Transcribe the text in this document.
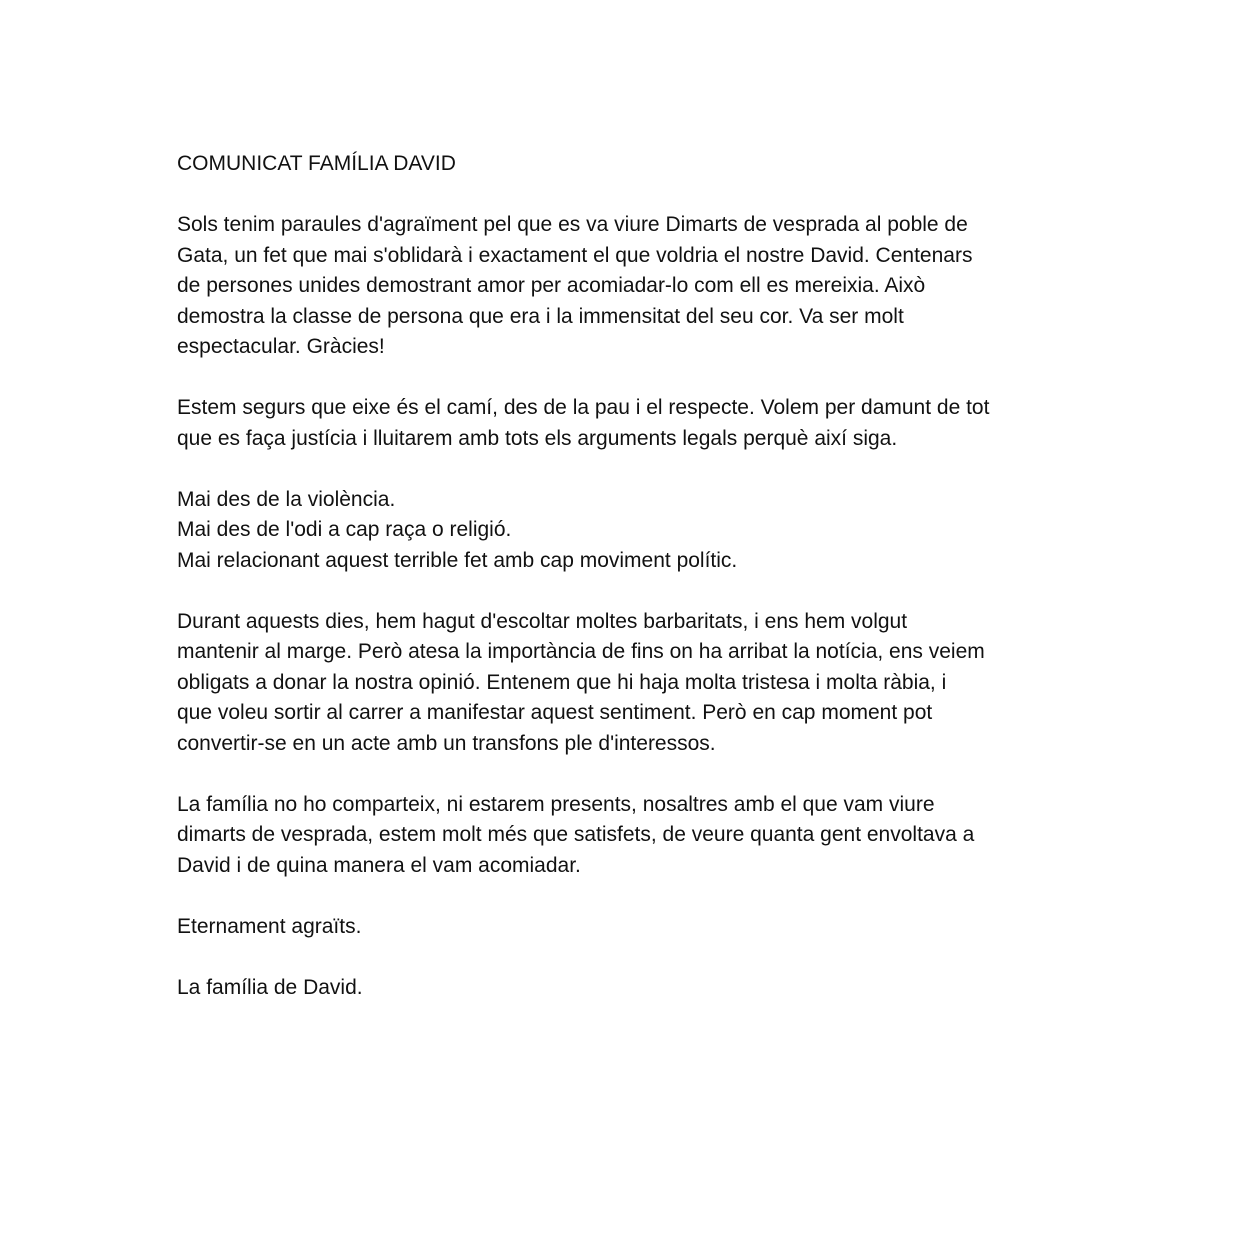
COMUNICAT FAMÍLIA DAVID
Sols tenim paraules d'agraïment pel que es va viure Dimarts de vesprada al poble de
Gata, un fet que mai s'oblidarà i exactament el que voldria el nostre David. Centenars
de persones unides demostrant amor per acomiadar-lo com ell es mereixia. Això
demostra la classe de persona que era i la immensitat del seu cor. Va ser molt
espectacular. Gràcies!
Estem segurs que eixe és el camí, des de la pau i el respecte. Volem per damunt de tot
que es faça justícia i lluitarem amb tots els arguments legals perquè així siga.
Mai des de la violència.
Mai des de l'odi a cap raça o religió.
Mai relacionant aquest terrible fet amb cap moviment polític.
Durant aquests dies, hem hagut d'escoltar moltes barbaritats, i ens hem volgut
mantenir al marge. Però atesa la importància de fins on ha arribat la notícia, ens veiem
obligats a donar la nostra opinió. Entenem que hi haja molta tristesa i molta ràbia, i
que voleu sortir al carrer a manifestar aquest sentiment. Però en cap moment pot
convertir-se en un acte amb un transfons ple d'interessos.
La família no ho comparteix, ni estarem presents, nosaltres amb el que vam viure
dimarts de vesprada, estem molt més que satisfets, de veure quanta gent envoltava a
David i de quina manera el vam acomiadar.
Eternament agraïts.
La família de David.
